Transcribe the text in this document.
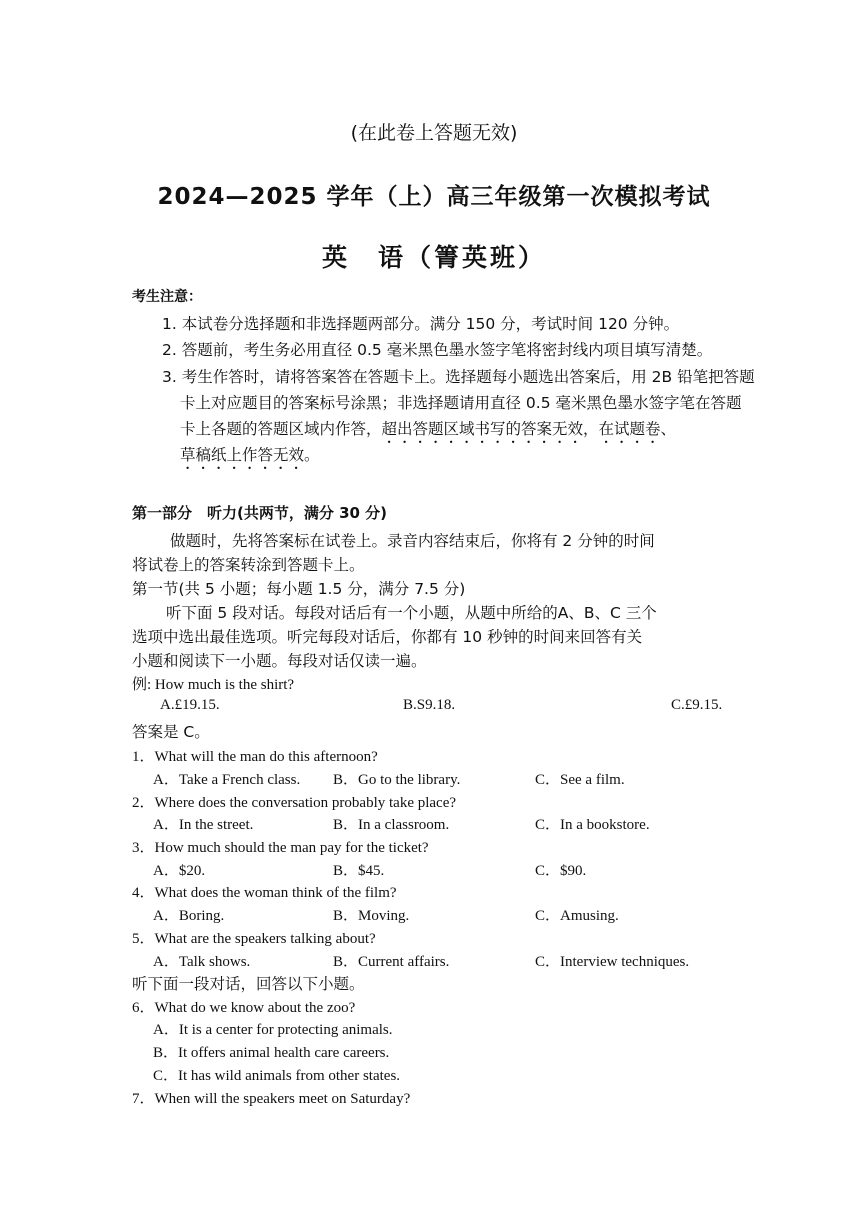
(在此卷上答题无效)
2024—2025 学年（上）高三年级第一次模拟考试
英　语（箐英班）
考生注意：
1. 本试卷分选择题和非选择题两部分。满分 150 分，考试时间 120 分钟。
2. 答题前，考生务必用直径 0.5 毫米黑色墨水签字笔将密封线内项目填写清楚。
3. 考生作答时，请将答案答在答题卡上。选择题每小题选出答案后，用 2B 铅笔把答题
卡上对应题目的答案标号涂黑；非选择题请用直径 0.5 毫米黑色墨水签字笔在答题
卡上各题的答题区域内作答，超出答题区域书写的答案无效，在试题卷、
草稿纸上作答无效。
第一部分　听力(共两节，满分 30 分)
做题时，先将答案标在试卷上。录音内容结束后，你将有 2 分钟的时间
将试卷上的答案转涂到答题卡上。
第一节(共 5 小题；每小题 1.5 分，满分 7.5 分)
听下面 5 段对话。每段对话后有一个小题，从题中所给的A、B、C 三个
选项中选出最佳选项。听完每段对话后，你都有 10 秒钟的时间来回答有关
小题和阅读下一小题。每段对话仅读一遍。
例: How much is the shirt?
A.£19.15.	B.S9.18.	C.£9.15.
答案是 C。
1．What will the man do this afternoon?
A．Take a French class. B．Go to the library.	C．See a film.
2．Where does the conversation probably take place?
A．In the street.	B．In a classroom.	C．In a bookstore.
3．How much should the man pay for the ticket?
A．$20.	B．$45.	C．$90.
4．What does the woman think of the film?
A．Boring.	B．Moving.	C．Amusing.
5．What are the speakers talking about?
A．Talk shows.	B．Current affairs.	C．Interview techniques.
听下面一段对话，回答以下小题。
6．What do we know about the zoo?
A．It is a center for protecting animals.
B．It offers animal health care careers.
C．It has wild animals from other states.
7．When will the speakers meet on Saturday?
